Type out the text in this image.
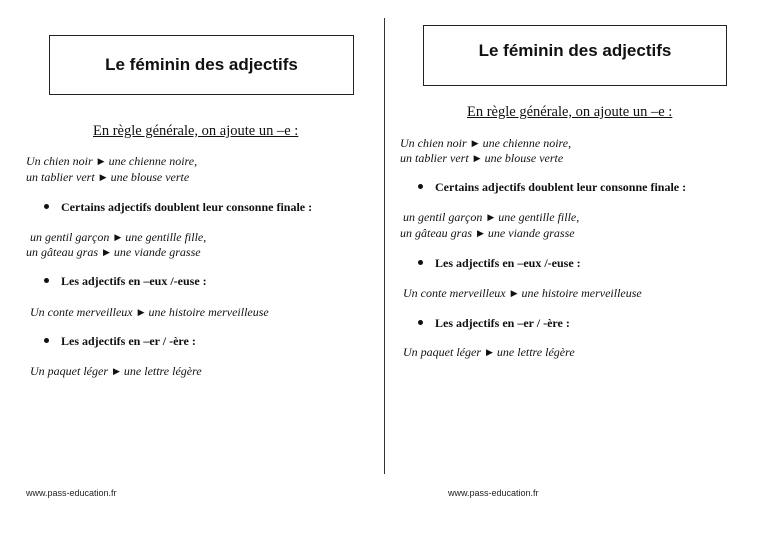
Le féminin des adjectifs
En règle générale, on ajoute un –e :
Un chien noir ▶ une chienne noire,
un tablier vert ▶ une blouse verte
Certains adjectifs doublent leur consonne finale :
un gentil garçon ▶ une gentille fille,
un gâteau gras ▶ une viande grasse
Les adjectifs en –eux /-euse :
Un conte merveilleux ▶ une histoire merveilleuse
Les adjectifs en –er / -ère :
Un paquet léger ▶ une lettre légère
www.pass-education.fr
Le féminin des adjectifs
En règle générale, on ajoute un –e :
Un chien noir ▶ une chienne noire,
un tablier vert ▶ une blouse verte
Certains adjectifs doublent leur consonne finale :
un gentil garçon ▶ une gentille fille,
un gâteau gras ▶ une viande grasse
Les adjectifs en –eux /-euse :
Un conte merveilleux ▶ une histoire merveilleuse
Les adjectifs en –er / -ère :
Un paquet léger ▶ une lettre légère
www.pass-education.fr
